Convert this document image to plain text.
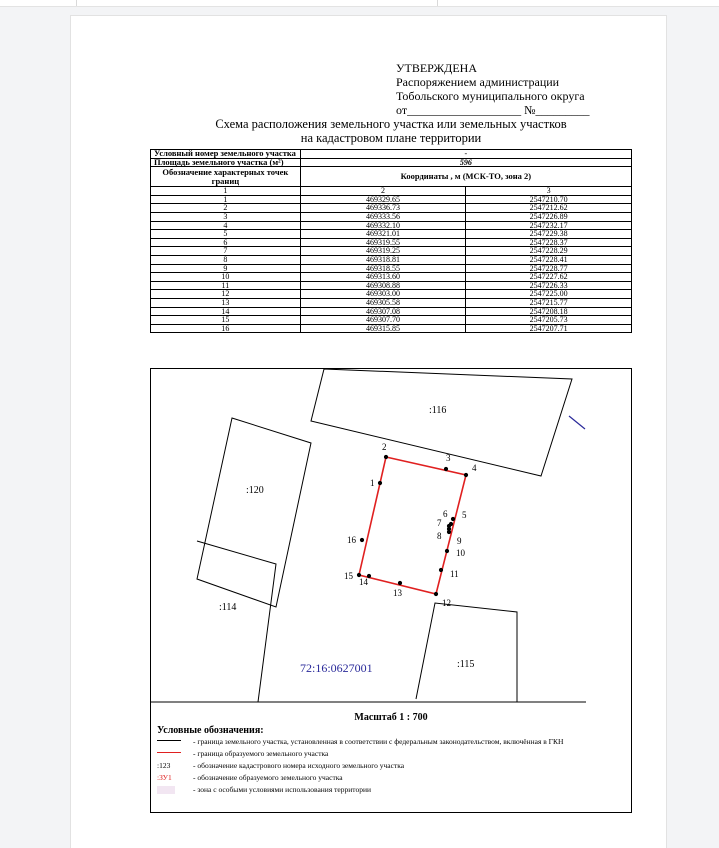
УТВЕРЖДЕНА
Распоряжением администрации
Тобольского муниципального округа
от___________________ №_________
Схема расположения земельного участка или земельных участков
на кадастровом плане территории
Условный номер земельного участка	-	
Площадь земельного участка (м²)	596	
Обозначение характерных точек границ	Координаты , м (МСК-ТО, зона 2)	
1	2	3
1	469329.65	2547210.70
2	469336.73	2547212.62
3	469333.56	2547226.89
4	469332.10	2547232.17
5	469321.01	2547229.38
6	469319.55	2547228.37
7	469319.25	2547228.29
8	469318.81	2547228.41
9	469318.55	2547228.77
10	469313.60	2547227.62
11	469308.88	2547226.33
12	469303.00	2547225.00
13	469305.58	2547215.77
14	469307.08	2547208.18
15	469307.70	2547205.73
16	469315.85	2547207.71
1
2
3
4
5
6
7
8 9
10
11
12
13
14
15
16
:116
:120
:114
:115
72:16:0627001
Масштаб 1 : 700
Условные обозначения:
- граница земельного участка, установленная в соответствии с федеральным законодательством, включённая в ГКН
- граница образуемого земельного участка
:123	- обозначение кадастрового номера исходного земельного участка
:ЗУ1	- обозначение образуемого земельного участка
- зона с особыми условиями использования территории
